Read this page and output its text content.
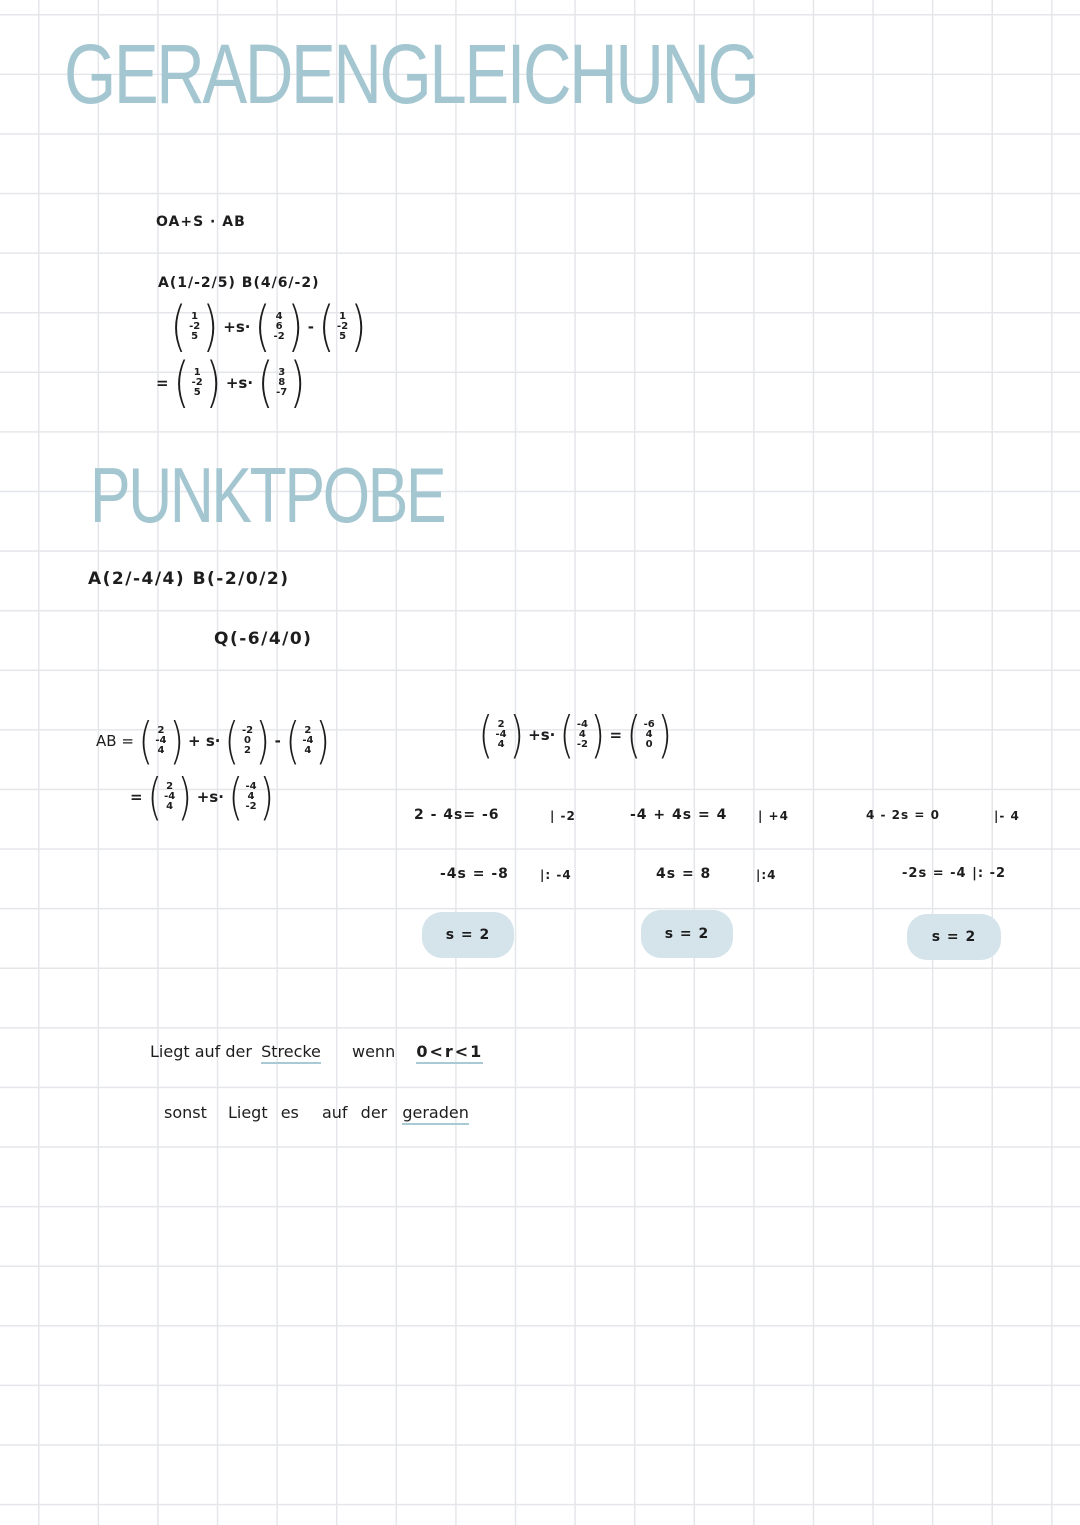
GERADENGLEICHUNG
OA+S · AB
A(1/-2/5) B(4/6/-2)
( 1
-2
5 ) +s· ( 4
6
-2 ) - ( 1
-2
5 )
= ( 1
-2
5 ) +s· ( 3
8
-7 )
PUNKTPOBE
A(2/-4/4) B(-2/0/2)
Q(-6/4/0)
AB = ( 2
-4
4 ) + s· ( -2
0
2 ) - ( 2
-4
4 )
= ( 2
-4
4 ) +s· ( -4
4
-2 )
( 2
-4
4 ) +s· ( -4
4
-2 ) = ( -6
4
0 )
2 - 4s= -6	| -2
-4s = -8	|: -4
s = 2
-4 + 4s = 4	| +4
4s = 8	|:4
s = 2
4 - 2s = 0	|- 4
-2s = -4 |: -2
s = 2
Liegt auf der Strecke wenn 0<r<1
sonst Liegt es auf der geraden
